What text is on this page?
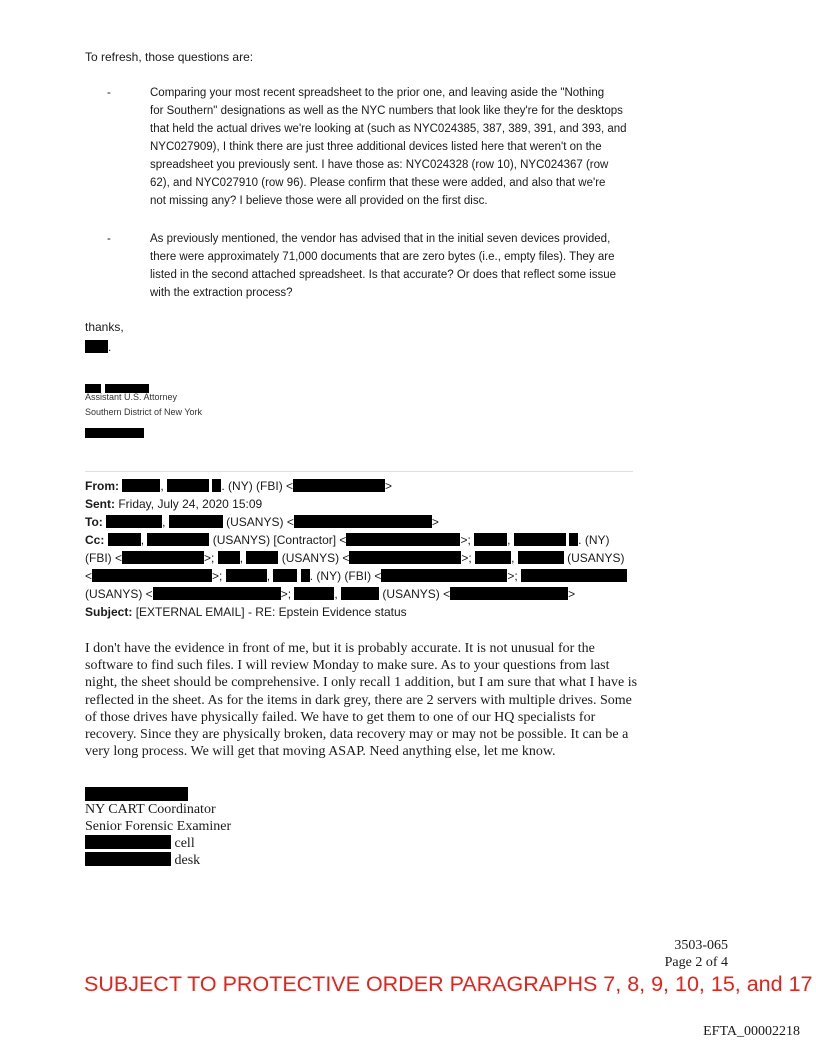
To refresh, those questions are:
-	Comparing your most recent spreadsheet to the prior one, and leaving aside the "Nothing
for Southern" designations as well as the NYC numbers that look like they're for the desktops
that held the actual drives we're looking at (such as NYC024385, 387, 389, 391, and 393, and
NYC027909), I think there are just three additional devices listed here that weren't on the
spreadsheet you previously sent. I have those as: NYC024328 (row 10), NYC024367 (row
62), and NYC027910 (row 96). Please confirm that these were added, and also that we're
not missing any? I believe those were all provided on the first disc.
-	As previously mentioned, the vendor has advised that in the initial seven devices provided,
there were approximately 71,000 documents that are zero bytes (i.e., empty files). They are
listed in the second attached spreadsheet. Is that accurate? Or does that reflect some issue
with the extraction process?
thanks,
.

Assistant U.S. Attorney
Southern District of New York
From:	,	. (NY) (FBI) <	>
Sent: Friday, July 24, 2020 15:09
To:	,	(USANYS) <	>
Cc:	,	(USANYS) [Contractor] <	>;	,	. (NY)
(FBI) <	>; ,	(USANYS) <	>;	,	(USANYS)
<	>;	,	. (NY) (FBI) <	>;
(USANYS) <	>;	,	(USANYS) <	>
Subject: [EXTERNAL EMAIL] - RE: Epstein Evidence status
I don't have the evidence in front of me, but it is probably accurate. It is not unusual for the software to find such files. I will review Monday to make sure. As to your questions from last night, the sheet should be comprehensive. I only recall 1 addition, but I am sure that what I have is reflected in the sheet. As for the items in dark grey, there are 2 servers with multiple drives. Some of those drives have physically failed. We have to get them to one of our HQ specialists for recovery. Since they are physically broken, data recovery may or may not be possible. It can be a very long process. We will get that moving ASAP. Need anything else, let me know.
NY CART Coordinator
Senior Forensic Examiner
cell
desk
3503-065
Page 2 of 4
SUBJECT TO PROTECTIVE ORDER PARAGRAPHS 7, 8, 9, 10, 15, and 17
EFTA_00002218
